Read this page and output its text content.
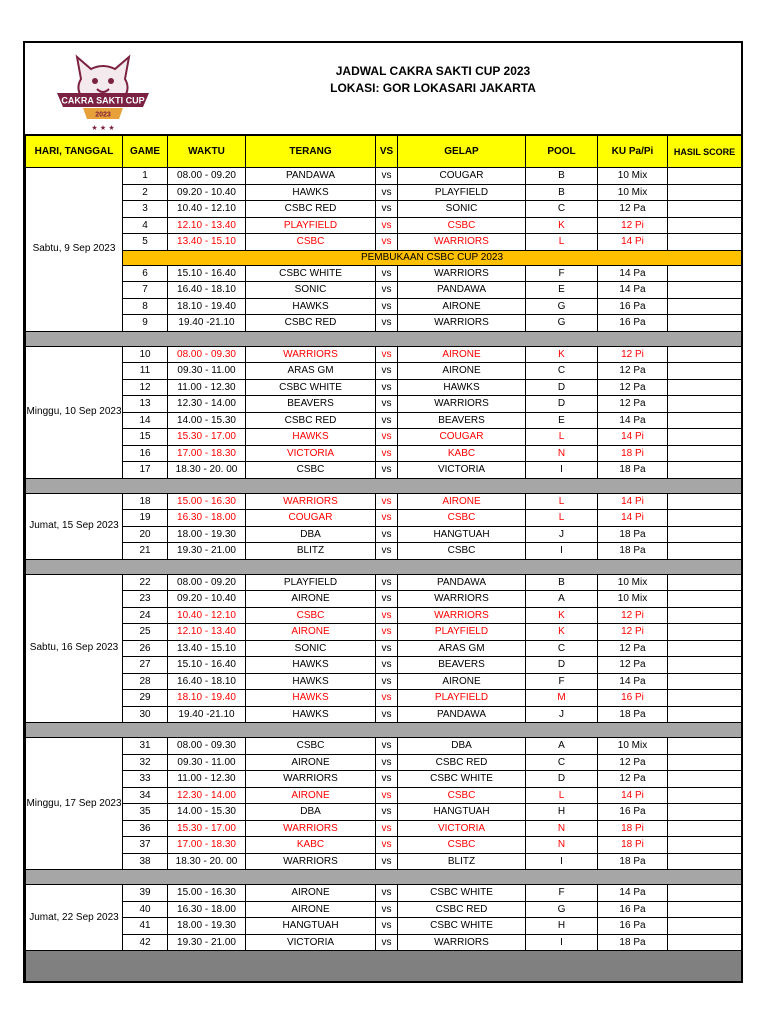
CAKRA SAKTI CUP
2023
★ ★ ★
JADWAL CAKRA SAKTI CUP 2023
LOKASI: GOR LOKASARI JAKARTA
HARI, TANGGAL	GAME	WAKTU	TERANG	VS	GELAP	POOL	KU Pa/Pi	HASIL SCORE
Sabtu, 9 Sep 2023	1	08.00 - 09.20	PANDAWA	vs	COUGAR	B	10 Mix	
	2	09.20 - 10.40	HAWKS	vs	PLAYFIELD	B	10 Mix	
	3	10.40 - 12.10	CSBC RED	vs	SONIC	C	12 Pa	
	4	12.10 - 13.40	PLAYFIELD	vs	CSBC	K	12 Pi	
	5	13.40 - 15.10	CSBC	vs	WARRIORS	L	14 Pi	
	PEMBUKAAN CSBC CUP 2023							
	6	15.10 - 16.40	CSBC WHITE	vs	WARRIORS	F	14 Pa	
	7	16.40 - 18.10	SONIC	vs	PANDAWA	E	14 Pa	
	8	18.10 - 19.40	HAWKS	vs	AIRONE	G	16 Pa	
	9	19.40 -21.10	CSBC RED	vs	WARRIORS	G	16 Pa	

Minggu, 10 Sep 2023	10	08.00 - 09.30	WARRIORS	vs	AIRONE	K	12 Pi	
	11	09.30 - 11.00	ARAS GM	vs	AIRONE	C	12 Pa	
	12	11.00 - 12.30	CSBC WHITE	vs	HAWKS	D	12 Pa	
	13	12.30 - 14.00	BEAVERS	vs	WARRIORS	D	12 Pa	
	14	14.00 - 15.30	CSBC RED	vs	BEAVERS	E	14 Pa	
	15	15.30 - 17.00	HAWKS	vs	COUGAR	L	14 Pi	
	16	17.00 - 18.30	VICTORIA	vs	KABC	N	18 Pi	
	17	18.30 - 20. 00	CSBC	vs	VICTORIA	I	18 Pa	

Jumat, 15 Sep 2023	18	15.00 - 16.30	WARRIORS	vs	AIRONE	L	14 Pi	
	19	16.30 - 18.00	COUGAR	vs	CSBC	L	14 Pi	
	20	18.00 - 19.30	DBA	vs	HANGTUAH	J	18 Pa	
	21	19.30 - 21.00	BLITZ	vs	CSBC	I	18 Pa	

Sabtu, 16 Sep 2023	22	08.00 - 09.20	PLAYFIELD	vs	PANDAWA	B	10 Mix	
	23	09.20 - 10.40	AIRONE	vs	WARRIORS	A	10 Mix	
	24	10.40 - 12.10	CSBC	vs	WARRIORS	K	12 Pi	
	25	12.10 - 13.40	AIRONE	vs	PLAYFIELD	K	12 Pi	
	26	13.40 - 15.10	SONIC	vs	ARAS GM	C	12 Pa	
	27	15.10 - 16.40	HAWKS	vs	BEAVERS	D	12 Pa	
	28	16.40 - 18.10	HAWKS	vs	AIRONE	F	14 Pa	
	29	18.10 - 19.40	HAWKS	vs	PLAYFIELD	M	16 Pi	
	30	19.40 -21.10	HAWKS	vs	PANDAWA	J	18 Pa	

Minggu, 17 Sep 2023	31	08.00 - 09.30	CSBC	vs	DBA	A	10 Mix	
	32	09.30 - 11.00	AIRONE	vs	CSBC RED	C	12 Pa	
	33	11.00 - 12.30	WARRIORS	vs	CSBC WHITE	D	12 Pa	
	34	12.30 - 14.00	AIRONE	vs	CSBC	L	14 Pi	
	35	14.00 - 15.30	DBA	vs	HANGTUAH	H	16 Pa	
	36	15.30 - 17.00	WARRIORS	vs	VICTORIA	N	18 Pi	
	37	17.00 - 18.30	KABC	vs	CSBC	N	18 Pi	
	38	18.30 - 20. 00	WARRIORS	vs	BLITZ	I	18 Pa	

Jumat, 22 Sep 2023	39	15.00 - 16.30	AIRONE	vs	CSBC WHITE	F	14 Pa	
	40	16.30 - 18.00	AIRONE	vs	CSBC RED	G	16 Pa	
	41	18.00 - 19.30	HANGTUAH	vs	CSBC WHITE	H	16 Pa	
	42	19.30 - 21.00	VICTORIA	vs	WARRIORS	I	18 Pa	
